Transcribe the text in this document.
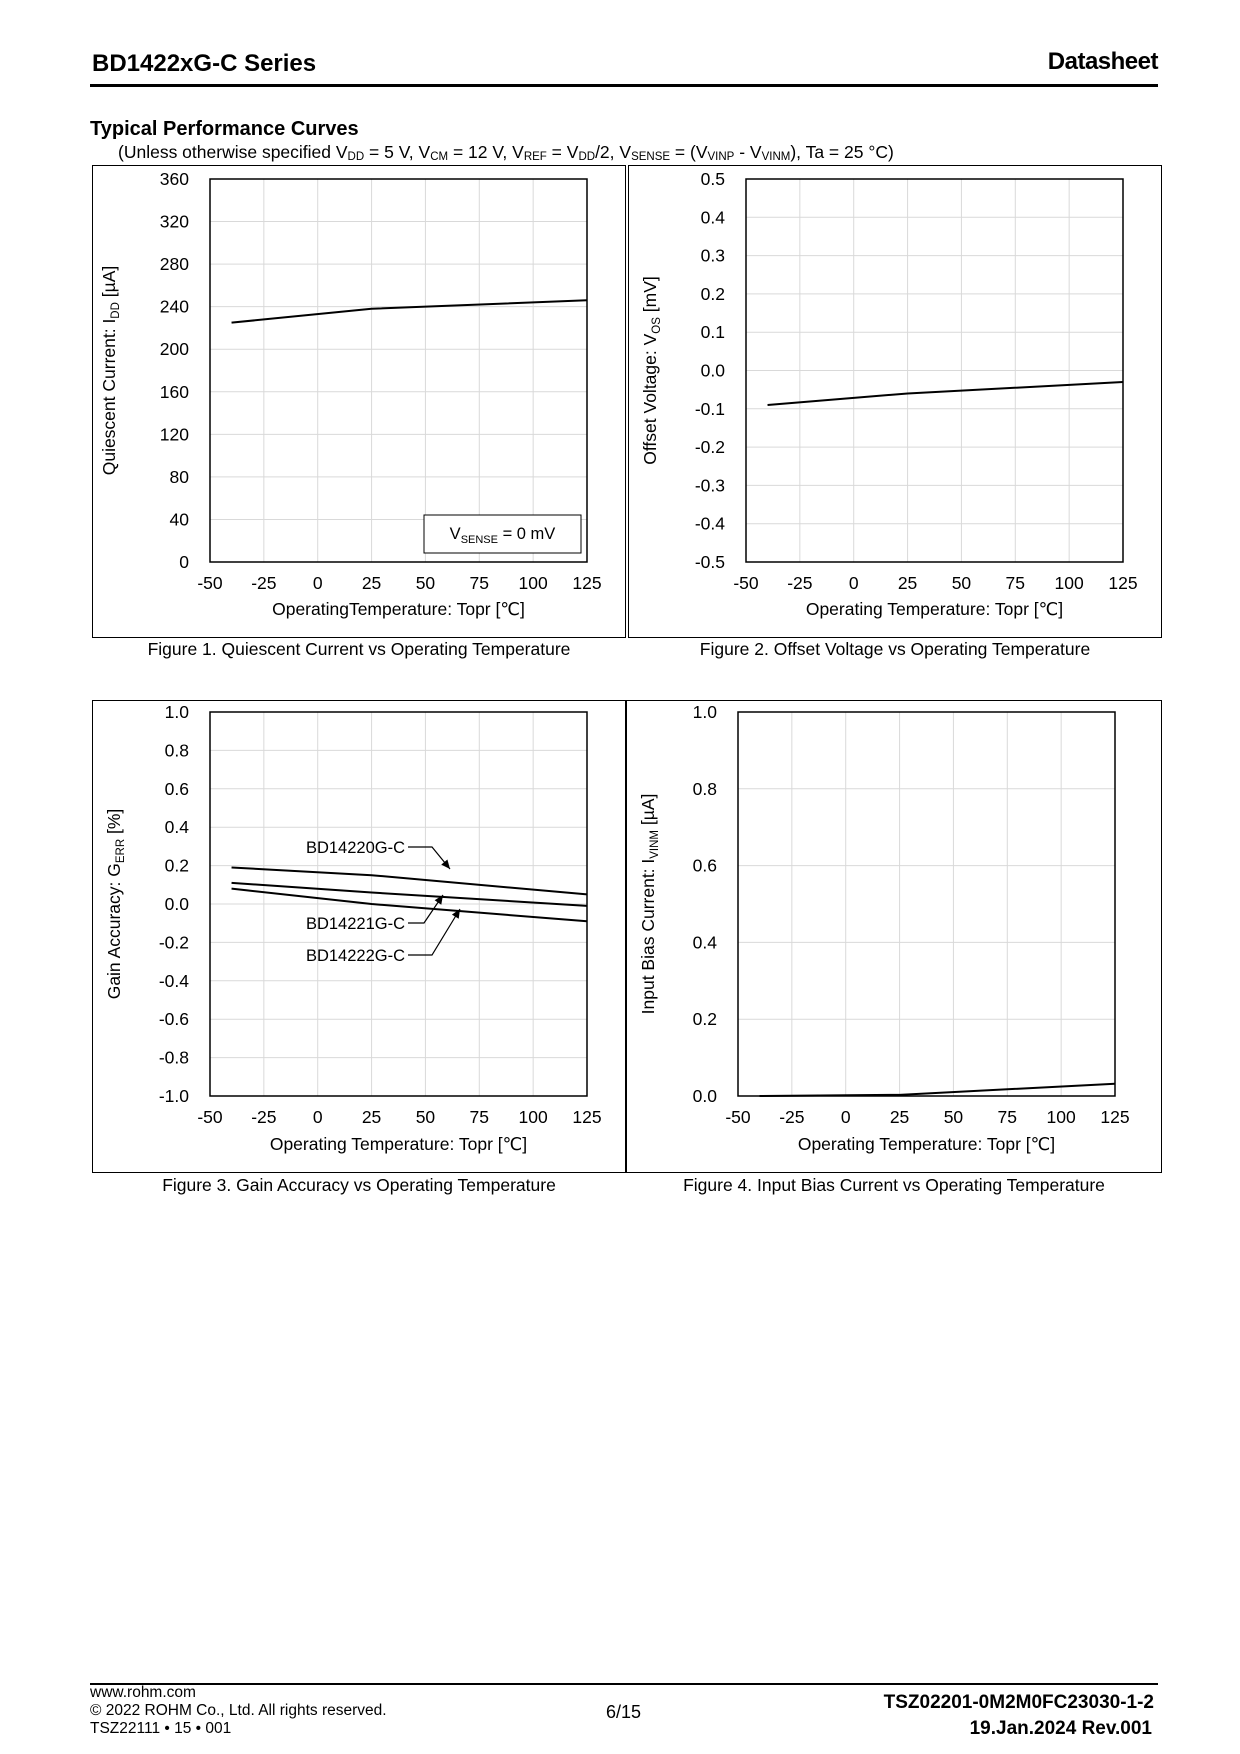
BD1422xG-C Series	Datasheet
Typical Performance Curves
(Unless otherwise specified $V_{DD} = 5$ V, $V_{CM} = 12$ V, $V_{REF} = V_{DD}/2$, $V_{SENSE} = (V_{VINP} - V_{VINM})$, Ta = 25 °C)
0
40
80
120
160
200
240
280
320
360
-50 -25 0 25 50 75 100 125
OperatingTemperature: Topr [℃]
Quiescent Current: $I_{DD}$ [µA]
$V_{SENSE} = 0$ mV
Figure 1. Quiescent Current vs Operating Temperature
-0.5
-0.4
-0.3
-0.2
-0.1
0.0
0.1
0.2
0.3
0.4
0.5
-50 -25 0 25 50 75 100 125
Operating Temperature: Topr [℃]
Offset Voltage: $V_{OS}$ [mV]
Figure 2. Offset Voltage vs Operating Temperature
-1.0
-0.8
-0.6
-0.4
-0.2
0.0
0.2
0.4
0.6
0.8
1.0
-50 -25 0 25 50 75 100 125
Operating Temperature: Topr [℃]
Gain Accuracy: $G_{ERR}$ [%]
BD14220G-C
BD14221G-C
BD14222G-C
Figure 3. Gain Accuracy vs Operating Temperature
0.0
0.2
0.4
0.6
0.8
1.0
-50 -25 0 25 50 75 100 125
Operating Temperature: Topr [℃]
Input Bias Current: $I_{VINM}$ [µA]
Figure 4. Input Bias Current vs Operating Temperature
www.rohm.com
© 2022 ROHM Co., Ltd. All rights reserved.
TSZ22111 • 15 • 001
6/15	TSZ02201-0M2M0FC23030-1-2
19.Jan.2024 Rev.001
